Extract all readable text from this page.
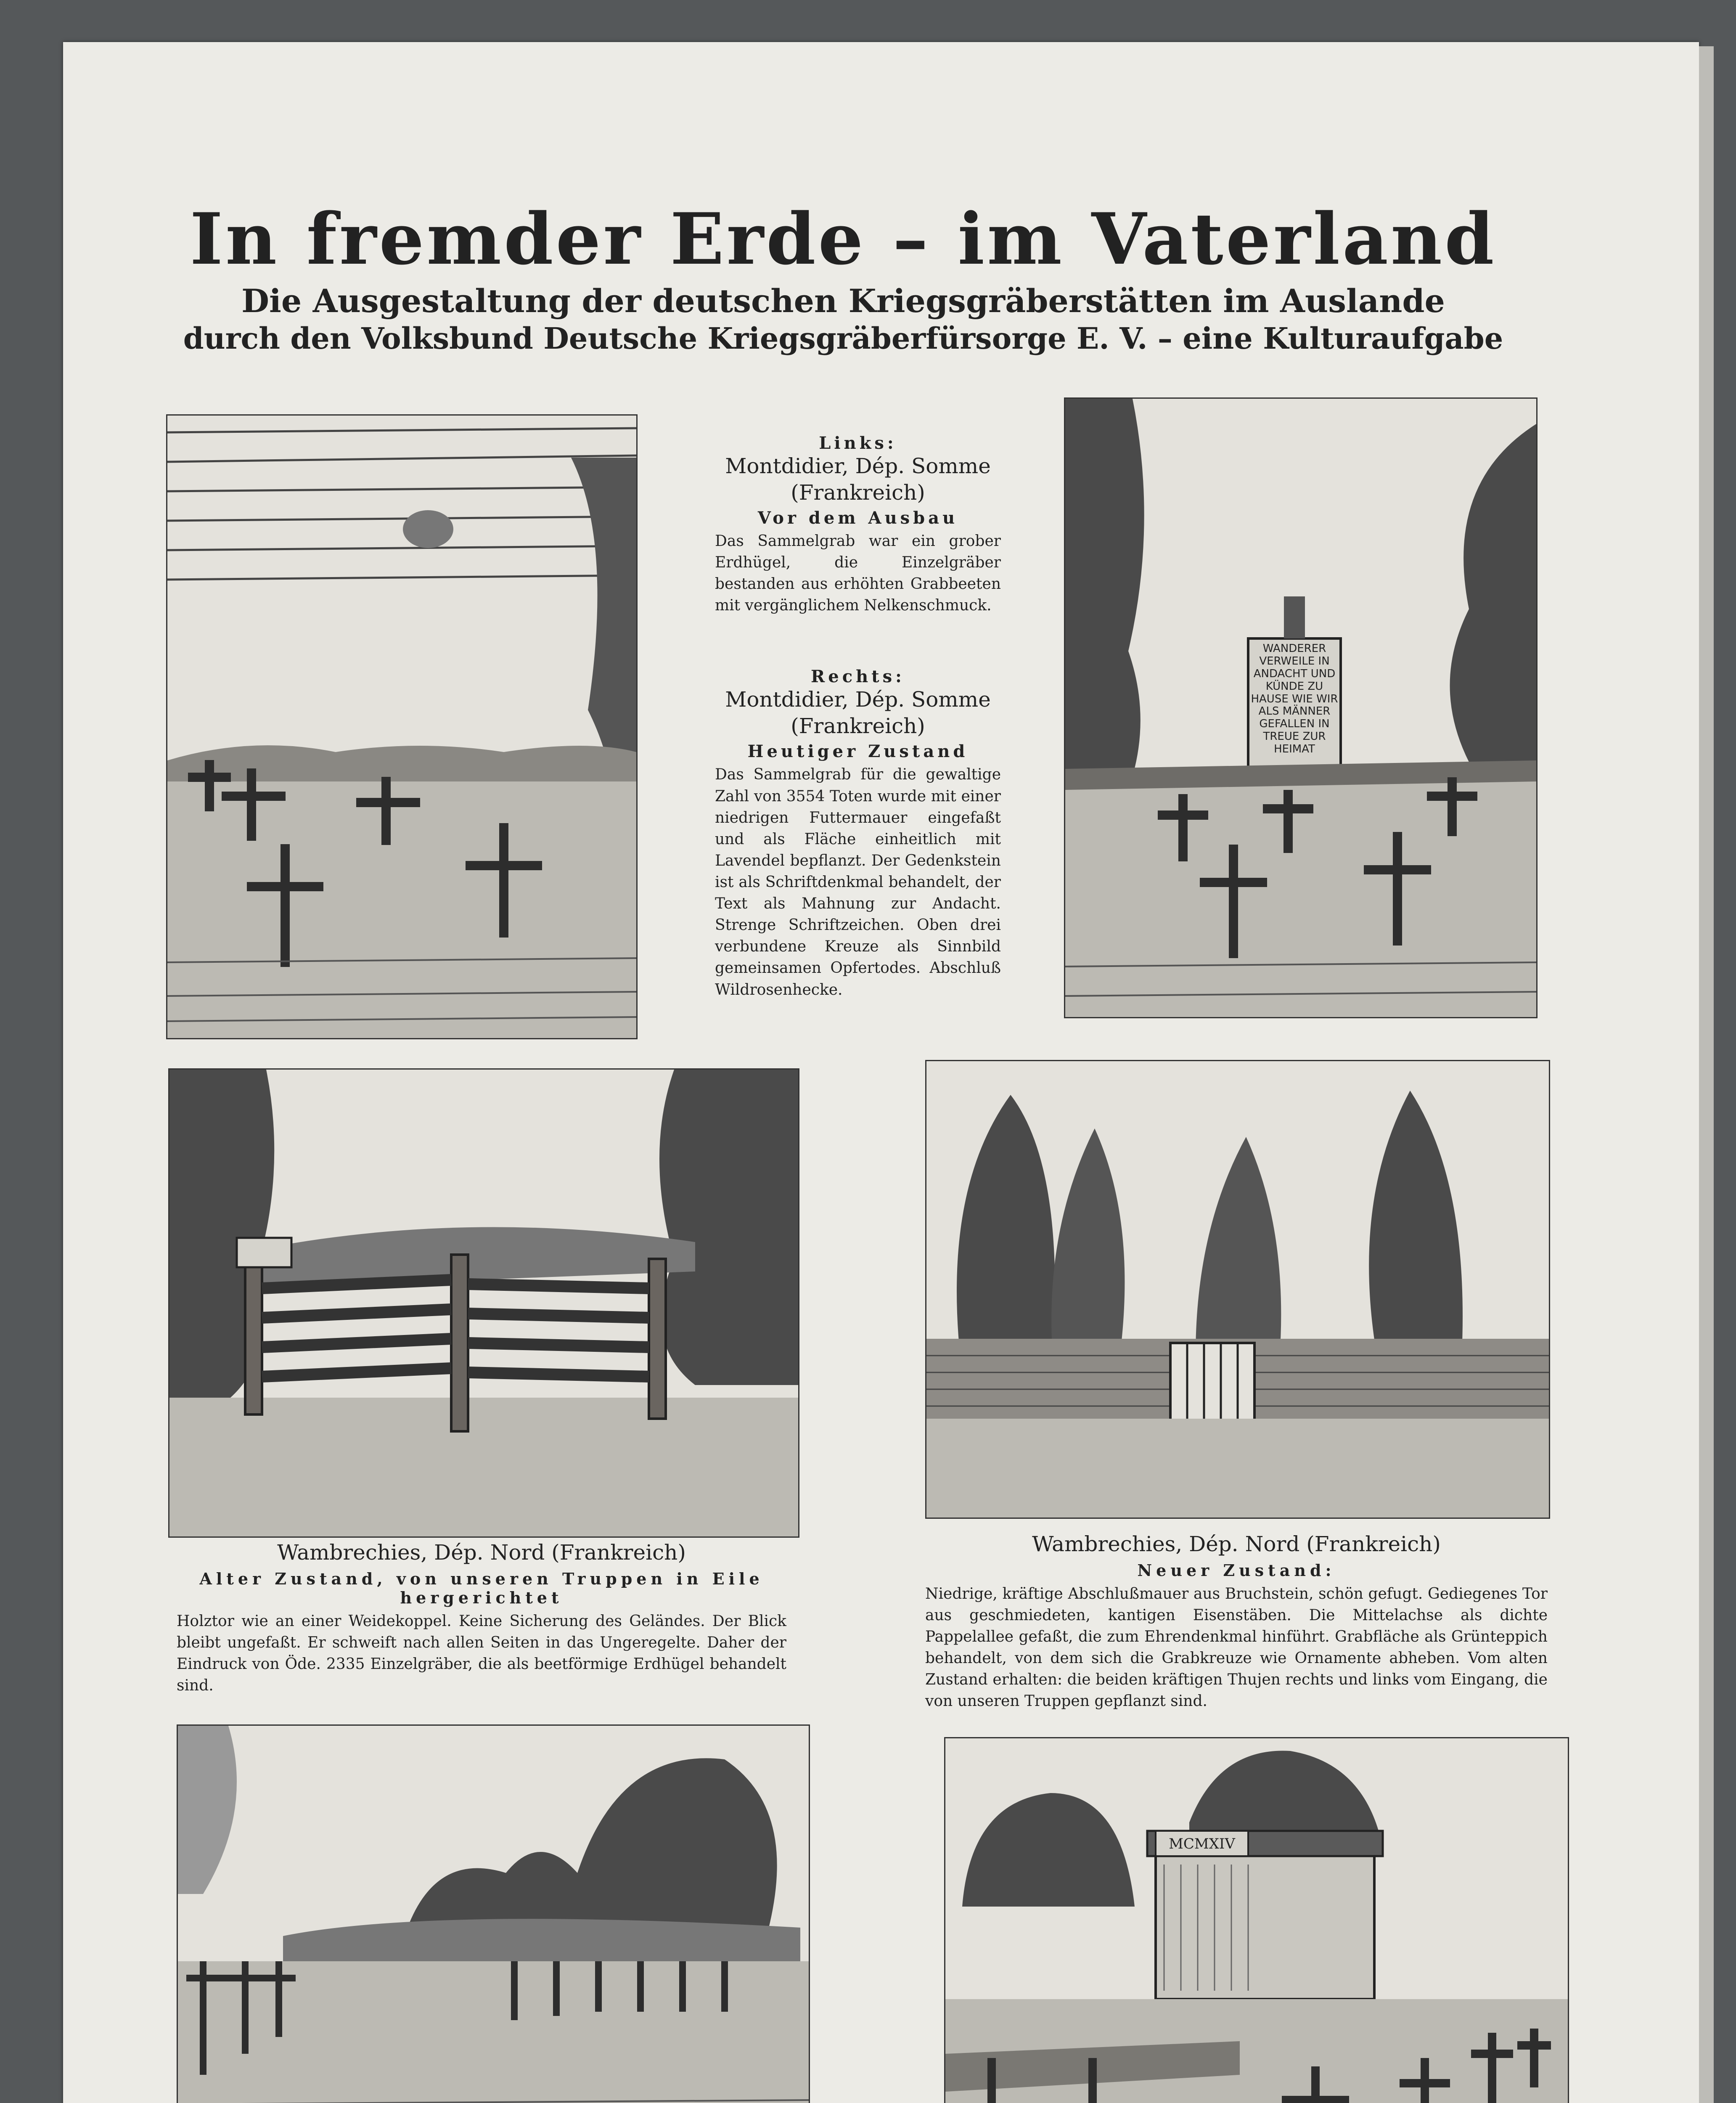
In fremder Erde – im Vaterland
Die Ausgestaltung der deutschen Kriegsgräberstätten im Auslande
durch den Volksbund Deutsche Kriegsgräberfürsorge E. V. – eine Kulturaufgabe
Links:
Montdidier, Dép. Somme (Frankreich)
Vor dem Ausbau
Das Sammelgrab war ein grober Erdhügel, die Einzelgräber bestanden aus erhöhten Grabbeeten mit vergänglichem Nelkenschmuck.
Rechts:
Montdidier, Dép. Somme (Frankreich)
Heutiger Zustand
Das Sammelgrab für die gewaltige Zahl von 3554 Toten wurde mit einer niedrigen Futtermauer eingefaßt und als Fläche einheitlich mit Lavendel bepflanzt. Der Gedenkstein ist als Schriftdenkmal behandelt, der Text als Mahnung zur Andacht. Strenge Schriftzeichen. Oben drei verbundene Kreuze als Sinnbild gemeinsamen Opfertodes. Abschluß Wildrosenhecke.
WANDERER VERWEILE IN ANDACHT UND KÜNDE ZU HAUSE WIE WIR ALS MÄNNER GEFALLEN IN TREUE ZUR HEIMAT
Wambrechies, Dép. Nord (Frankreich)
Alter Zustand, von unseren Truppen in Eile hergerichtet
Holztor wie an einer Weidekoppel. Keine Sicherung des Geländes. Der Blick bleibt ungefaßt. Er schweift nach allen Seiten in das Ungeregelte. Daher der Eindruck von Öde. 2335 Einzelgräber, die als beetförmige Erdhügel behandelt sind.
Wambrechies, Dép. Nord (Frankreich)
Neuer Zustand:
Niedrige, kräftige Abschlußmauer aus Bruchstein, schön gefugt. Gediegenes Tor aus geschmiedeten, kantigen Eisenstäben. Die Mittelachse als dichte Pappelallee gefaßt, die zum Ehrendenkmal hinführt. Grabfläche als Grünteppich behandelt, von dem sich die Grabkreuze wie Ornamente abheben. Vom alten Zustand erhalten: die beiden kräftigen Thujen rechts und links vom Eingang, die von unseren Truppen gepflanzt sind.
MCMXIV
